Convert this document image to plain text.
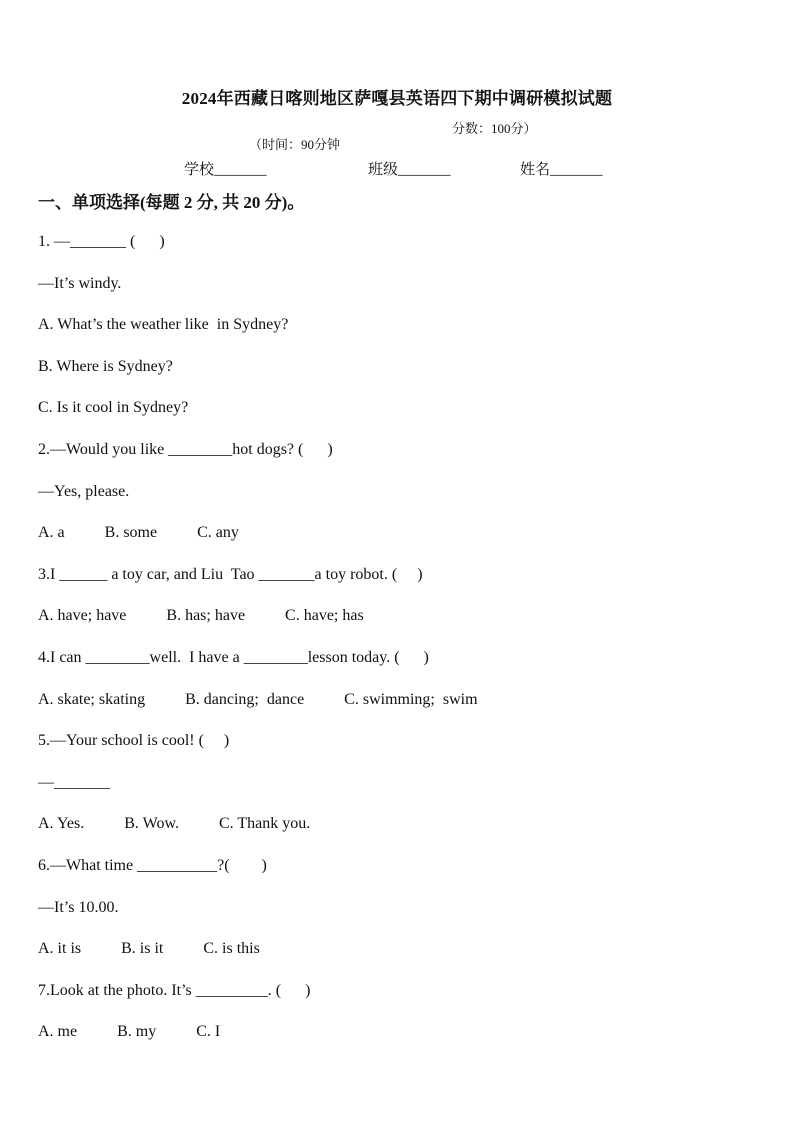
2024年西藏日喀则地区萨嘎县英语四下期中调研模拟试题

（时间：90分钟

分数：100分）

学校_______	班级_______	姓名_______
一、单项选择(每题 2 分, 共 20 分)。
1. —_______ (      )
—It’s windy.
A. What’s the weather like  in Sydney?
B. Where is Sydney?
C. Is it cool in Sydney?
2.—Would you like ________hot dogs? (      )
—Yes, please.
A. a          B. some          C. any
3.I ______ a toy car, and Liu  Tao _______a toy robot. (     )
A. have; have          B. has; have          C. have; has
4.I can ________well.  I have a ________lesson today. (      )
A. skate; skating          B. dancing;  dance          C. swimming;  swim
5.—Your school is cool! (     )
—_______
A. Yes.          B. Wow.          C. Thank you.
6.—What time __________?(        )
—It’s 10.00.
A. it is          B. is it          C. is this
7.Look at the photo. It’s _________. (      )
A. me          B. my          C. I
